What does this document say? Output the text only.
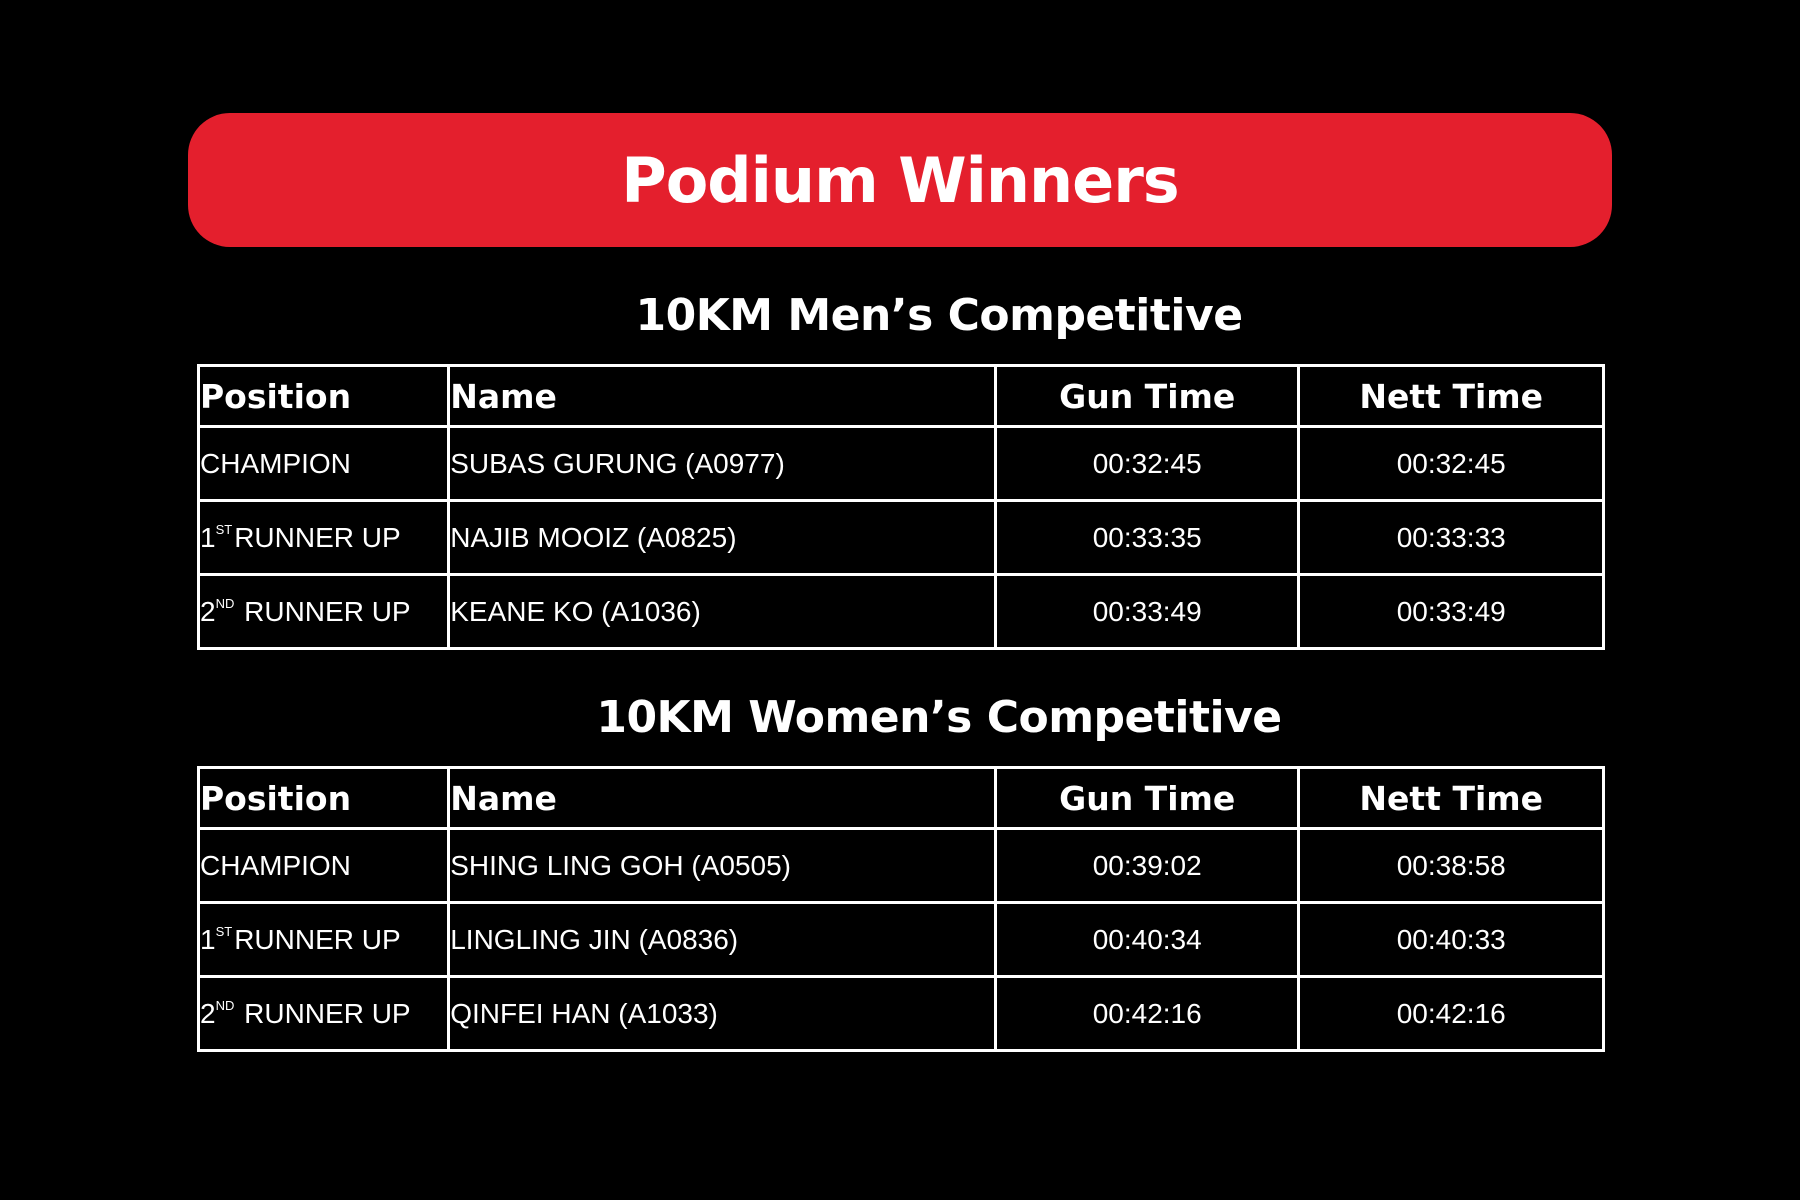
Podium Winners
10KM Men’s Competitive
Position	Name	Gun Time	Nett Time
CHAMPION	SUBAS GURUNG (A0977)	00:32:45	00:32:45
1STRUNNER UP	NAJIB MOOIZ (A0825)	00:33:35	00:33:33
2ND RUNNER UP	KEANE KO (A1036)	00:33:49	00:33:49
10KM Women’s Competitive
Position	Name	Gun Time	Nett Time
CHAMPION	SHING LING GOH (A0505)	00:39:02	00:38:58
1STRUNNER UP	LINGLING JIN (A0836)	00:40:34	00:40:33
2ND RUNNER UP	QINFEI HAN (A1033)	00:42:16	00:42:16
